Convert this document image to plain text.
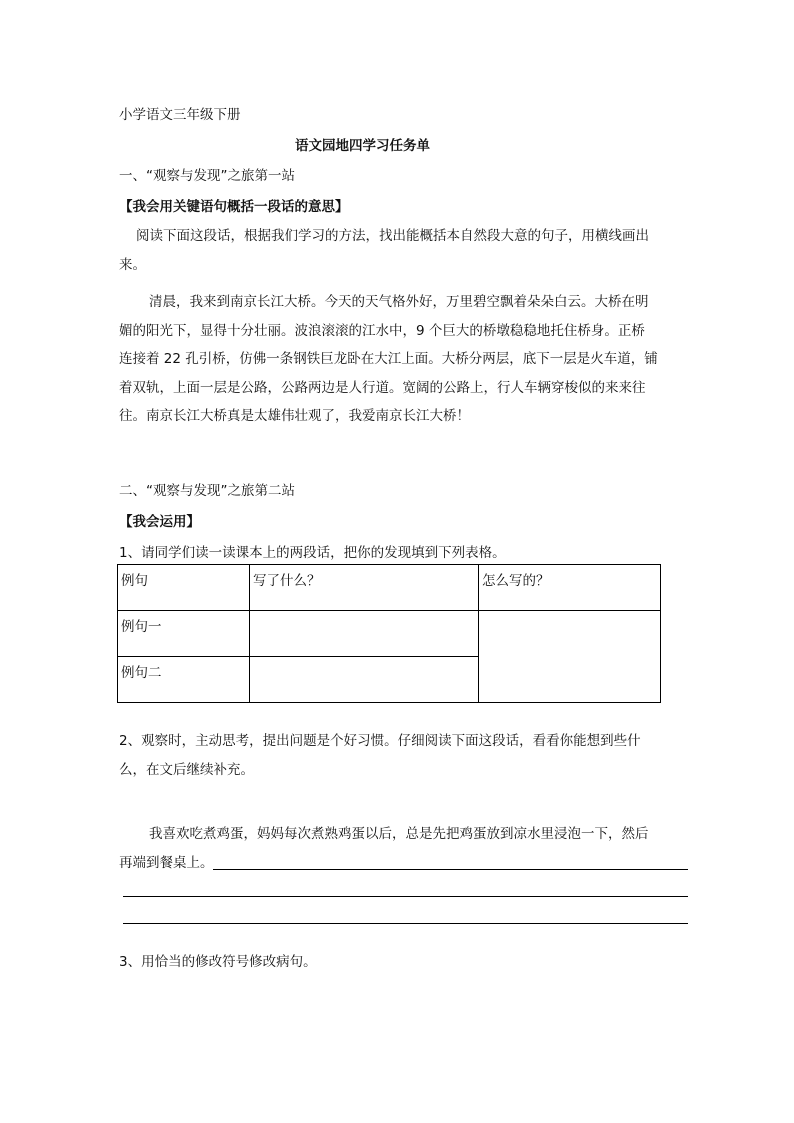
小学语文三年级下册
语文园地四学习任务单
一、“观察与发现”之旅第一站
【我会用关键语句概括一段话的意思】
阅读下面这段话，根据我们学习的方法，找出能概括本自然段大意的句子，用横线画出
来。
清晨，我来到南京长江大桥。今天的天气格外好，万里碧空飘着朵朵白云。大桥在明
媚的阳光下，显得十分壮丽。波浪滚滚的江水中，9 个巨大的桥墩稳稳地托住桥身。正桥
连接着 22 孔引桥，仿佛一条钢铁巨龙卧在大江上面。大桥分两层，底下一层是火车道，铺
着双轨，上面一层是公路，公路两边是人行道。宽阔的公路上，行人车辆穿梭似的来来往
往。南京长江大桥真是太雄伟壮观了，我爱南京长江大桥！
二、“观察与发现”之旅第二站
【我会运用】
1、请同学们读一读课本上的两段话，把你的发现填到下列表格。
例句	写了什么？	怎么写的？
例句一		
例句二		
2、观察时，主动思考，提出问题是个好习惯。仔细阅读下面这段话，看看你能想到些什
么，在文后继续补充。
我喜欢吃煮鸡蛋，妈妈每次煮熟鸡蛋以后，总是先把鸡蛋放到凉水里浸泡一下，然后
再端到餐桌上。
3、用恰当的修改符号修改病句。
